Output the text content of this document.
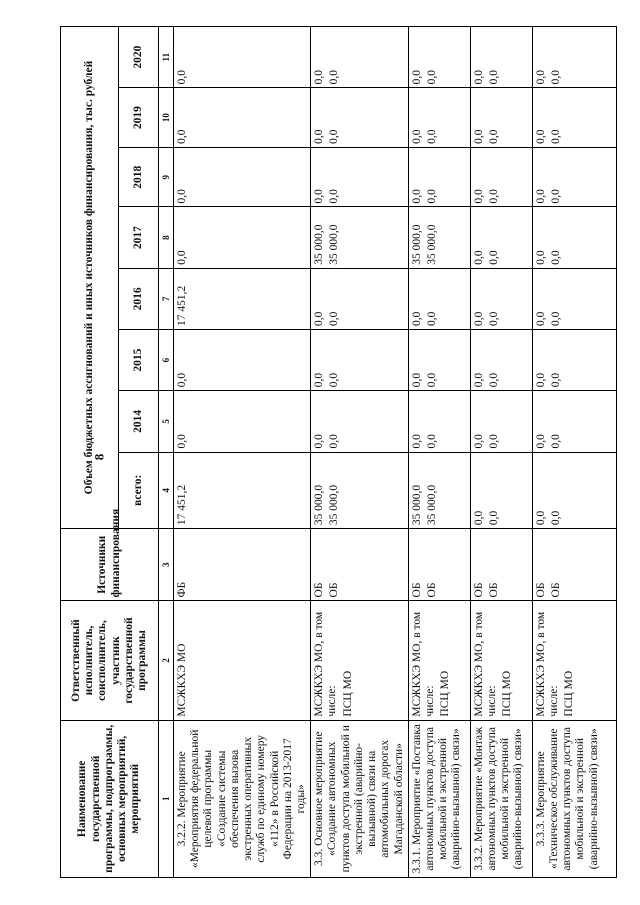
8
Наименование государственной программы, подпрограммы, основных мероприятий, мероприятий	Ответственный исполнитель, соисполнитель, участник государственной программы	Источники финансирования	Объем бюджетных ассигнований и иных источников финансирования, тыс. рублей							
			всего:	2014	2015	2016	2017	2018	2019	2020
1	2	3	4	5	6	7	8	9	10	11
3.2.2. Мероприятие «Мероприятия федеральной целевой программы «Создание системы обеспечения вызова экстренных оперативных служб по единому номеру «112» в Российской Федерации на 2013-2017 годы»	МСЖКХЭ МО	ФБ	17 451,2	0,0	0,0	17 451,2	0,0	0,0	0,0	0,0

3.3. Основное мероприятие «Создание автономных пунктов доступа мобильной и экстренной (аварийно-вызывной) связи на автомобильных дорогах Магаданской области»	МСЖКХЭ МО, в том числе: ПСЦ МО	ОБ ОБ	35 000,0 35 000,0	0,0 0,0	0,0 0,0	0,0 0,0	35 000,0 35 000,0	0,0 0,0	0,0 0,0	0,0 0,0

3.3.1. Мероприятие «Поставка автономных пунктов доступа мобильной и экстренной (аварийно-вызывной) связи»	МСЖКХЭ МО, в том числе: ПСЦ МО	ОБ ОБ	35 000,0 35 000,0	0,0 0,0	0,0 0,0	0,0 0,0	35 000,0 35 000,0	0,0 0,0	0,0 0,0	0,0 0,0

3.3.2. Мероприятие «Монтаж автономных пунктов доступа мобильной и экстренной (аварийно-вызывной) связи»	МСЖКХЭ МО, в том числе: ПСЦ МО	ОБ ОБ	0,0 0,0	0,0 0,0	0,0 0,0	0,0 0,0	0,0 0,0	0,0 0,0	0,0 0,0	0,0 0,0

3.3.3. Мероприятие «Техническое обслуживание автономных пунктов доступа мобильной и экстренной (аварийно-вызывной) связи»	МСЖКХЭ МО, в том числе: ПСЦ МО	ОБ ОБ	0,0 0,0	0,0 0,0	0,0 0,0	0,0 0,0	0,0 0,0	0,0 0,0	0,0 0,0	0,0 0,0
